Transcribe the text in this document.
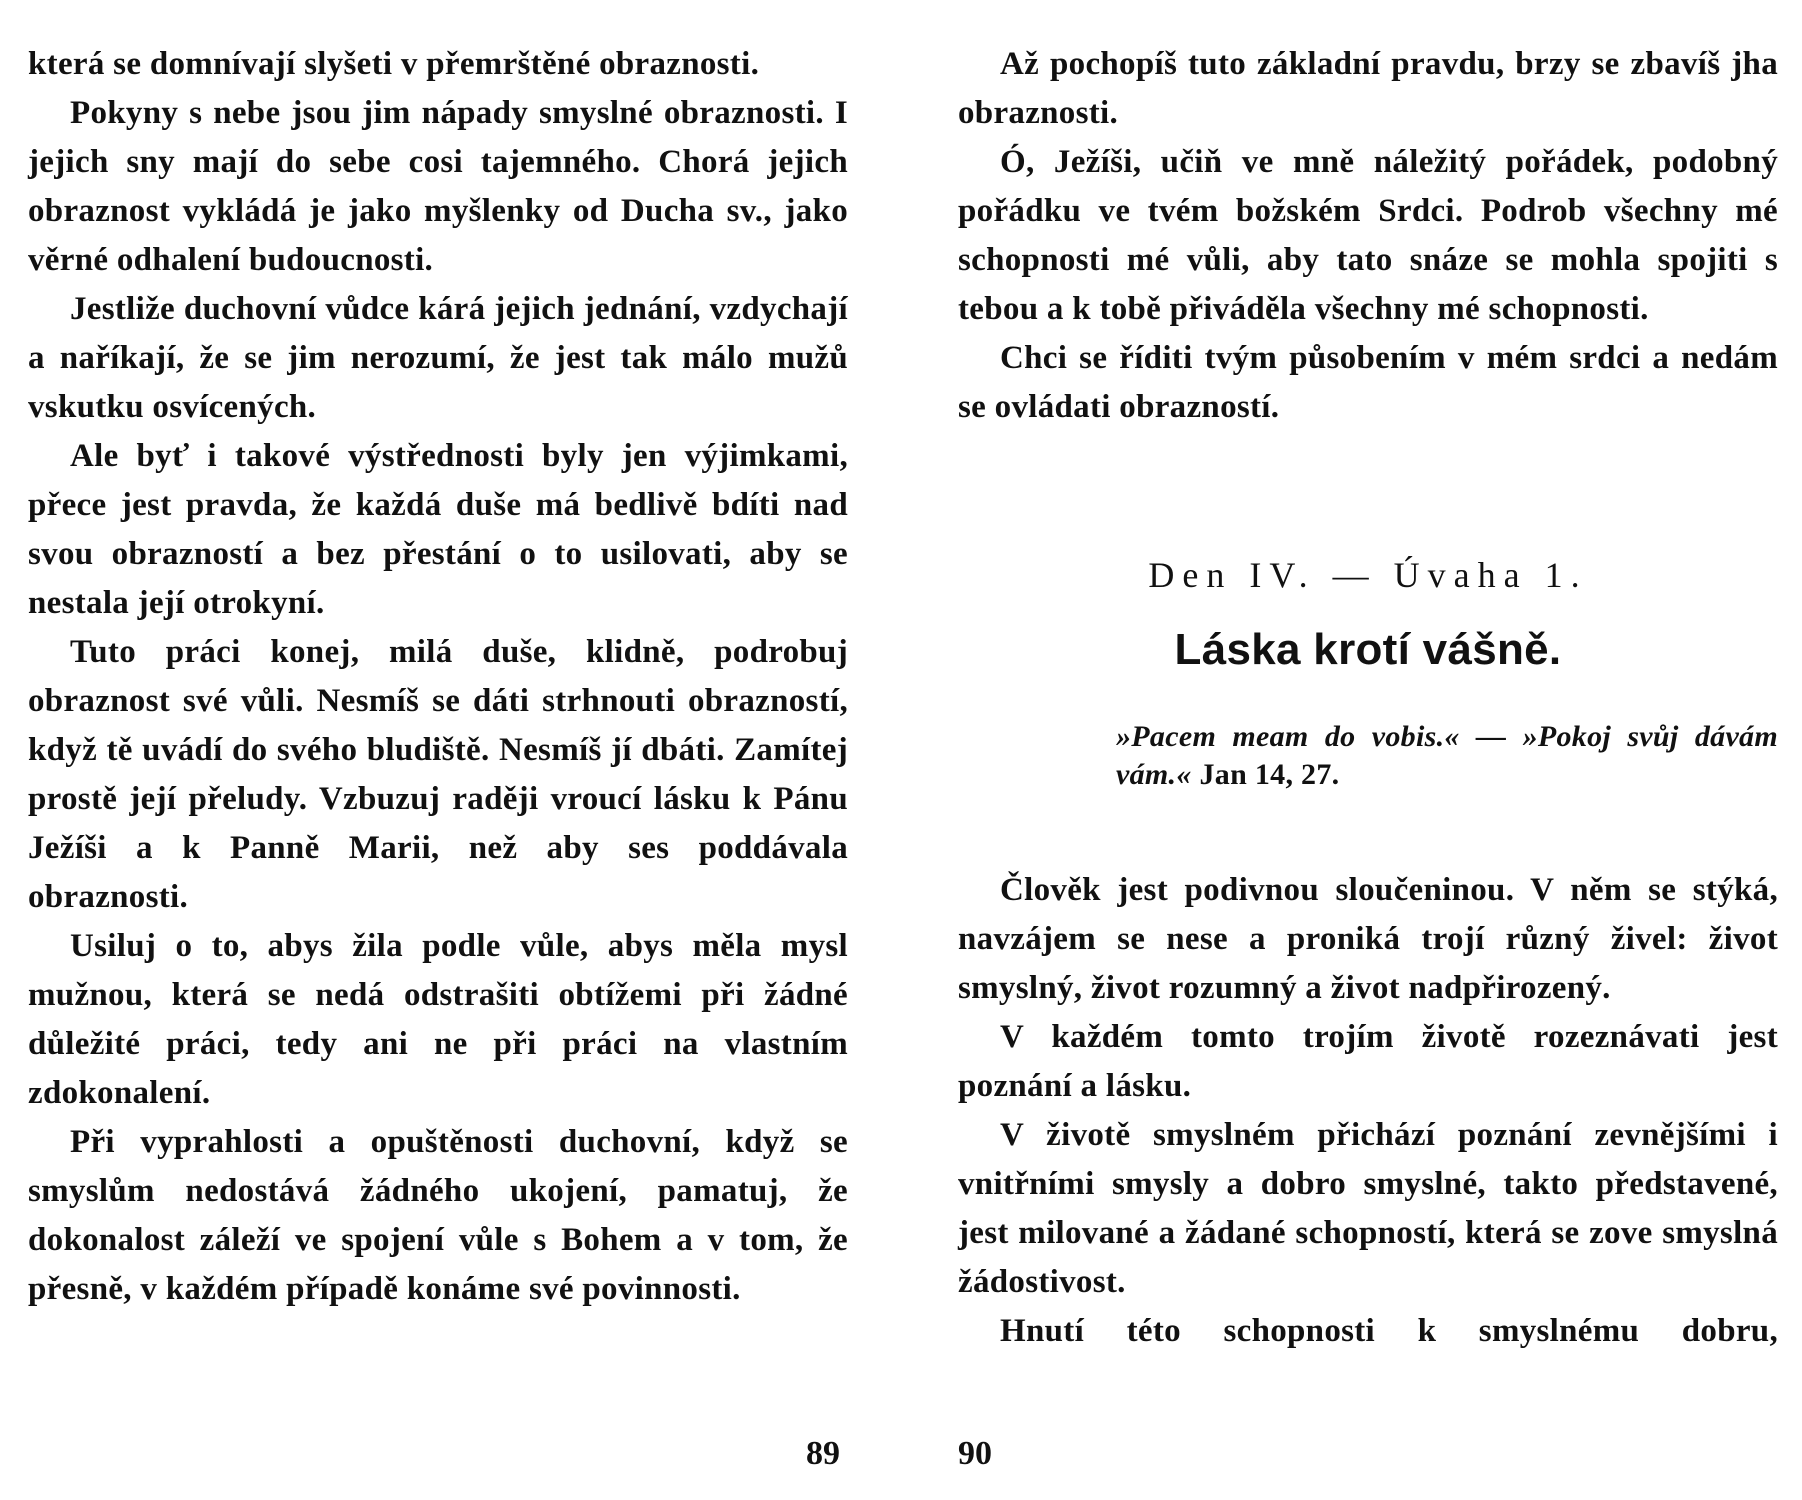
která se domnívají slyšeti v přemrštěné obraznosti.

Pokyny s nebe jsou jim nápady smyslné obraznosti. I jejich sny mají do sebe cosi tajemného. Chorá jejich obraznost vykládá je jako myšlenky od Ducha sv., jako věrné odhalení budoucnosti.

Jestliže duchovní vůdce kárá jejich jednání, vzdychají a naříkají, že se jim nerozumí, že jest tak málo mužů vskutku osvícených.

Ale byť i takové výstřednosti byly jen výjimkami, přece jest pravda, že každá duše má bedlivě bdíti nad svou obrazností a bez přestání o to usilovati, aby se nestala její otrokyní.

Tuto práci konej, milá duše, klidně, podrobuj obraznost své vůli. Nesmíš se dáti strhnouti obrazností, když tě uvádí do svého bludiště. Nesmíš jí dbáti. Zamítej prostě její přeludy. Vzbuzuj raději vroucí lásku k Pánu Ježíši a k Panně Marii, než aby ses poddávala obraznosti.

Usiluj o to, abys žila podle vůle, abys měla mysl mužnou, která se nedá odstrašiti obtížemi při žádné důležité práci, tedy ani ne při práci na vlastním zdokonalení.

Při vyprahlosti a opuštěnosti duchovní, když se smyslům nedostává žádného ukojení, pamatuj, že dokonalost záleží ve spojení vůle s Bohem a v tom, že přesně, v každém případě konáme své povinnosti.

Až pochopíš tuto základní pravdu, brzy se zbavíš jha obraznosti.

Ó, Ježíši, učiň ve mně náležitý pořádek, podobný pořádku ve tvém božském Srdci. Podrob všechny mé schopnosti mé vůli, aby tato snáze se mohla spojiti s tebou a k tobě přiváděla všechny mé schopnosti.

Chci se říditi tvým působením v mém srdci a nedám se ovládati obrazností.

Den IV. — Úvaha 1.
Láska krotí vášně.
»Pacem meam do vobis.« — »Pokoj svůj dávám vám.« Jan 14, 27.

Člověk jest podivnou sloučeninou. V něm se stýká, navzájem se nese a proniká trojí různý živel: život smyslný, život rozumný a život nadpřirozený.

V každém tomto trojím životě rozeznávati jest poznání a lásku.

V životě smyslném přichází poznání zevnějšími i vnitřními smysly a dobro smyslné, takto představené, jest milované a žádané schopností, která se zove smyslná žádostivost.

Hnutí této schopnosti k smyslnému dobru,

89	90
